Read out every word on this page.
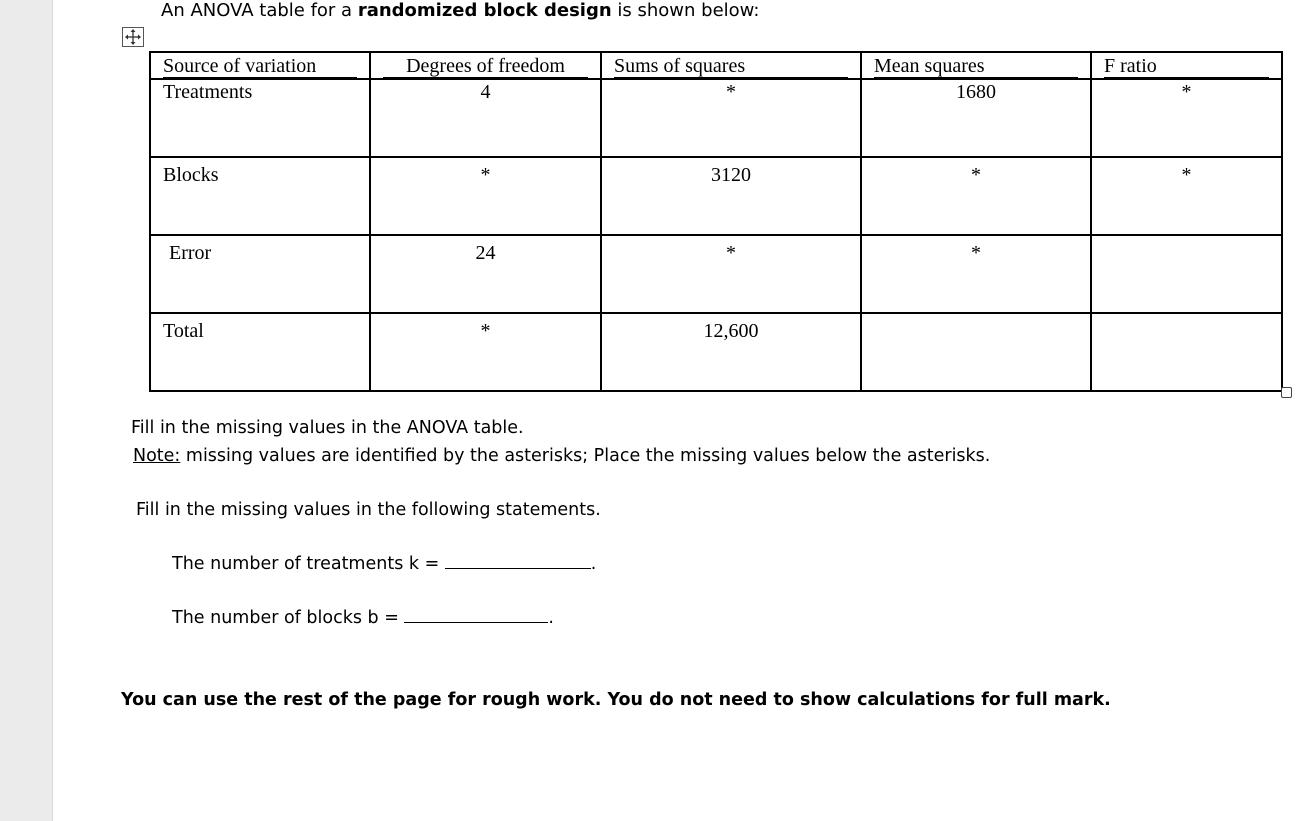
An ANOVA table for a randomized block design is shown below:
Source of variation	Degrees of freedom	Sums of squares	Mean squares	F ratio

Treatments	4	*	1680	*

Blocks	*	3120	*	*

Error	24	*	*	

Total	*	12,600		

Fill in the missing values in the ANOVA table.
Note: missing values are identified by the asterisks; Place the missing values below the asterisks.
Fill in the missing values in the following statements.
The number of treatments k =	.
The number of blocks b =	.
You can use the rest of the page for rough work. You do not need to show calculations for full mark.
